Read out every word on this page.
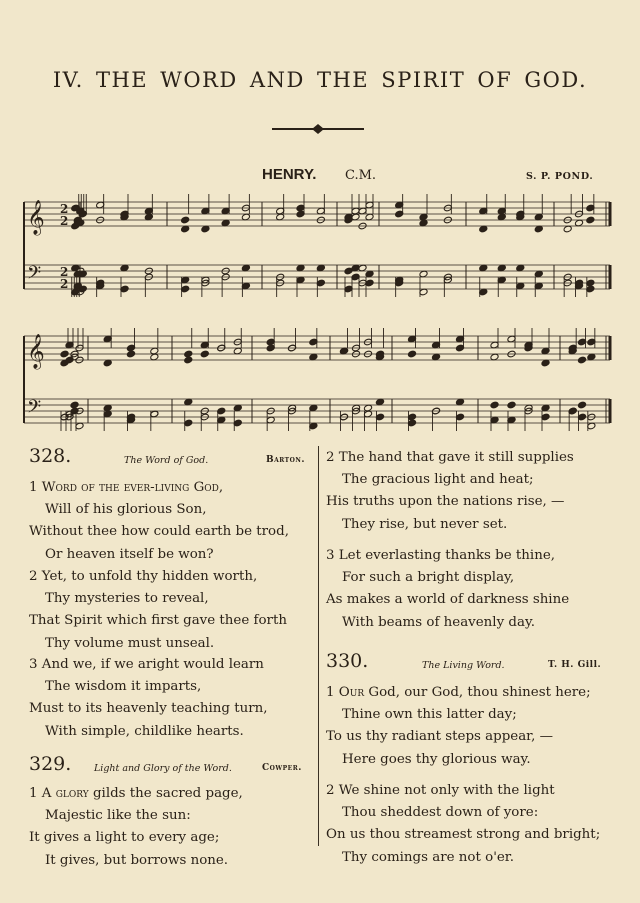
IV. THE WORD AND THE SPIRIT OF GOD.
HENRY. C.M.	S. P. POND.
𝄞 2
2
𝄢 2
2
𝄞
𝄢
328.	The Word of God.	Barton.
1 Word of the ever-living God,
Will of his glorious Son,
Without thee how could earth be trod,
Or heaven itself be won?
2 Yet, to unfold thy hidden worth,
Thy mysteries to reveal,
That Spirit which first gave thee forth
Thy volume must unseal.
3 And we, if we aright would learn
The wisdom it imparts,
Must to its heavenly teaching turn,
With simple, childlike hearts.
2 The hand that gave it still supplies
The gracious light and heat;
His truths upon the nations rise, —
They rise, but never set.
3 Let everlasting thanks be thine,
For such a bright display,
As makes a world of darkness shine
With beams of heavenly day.
329. Light and Glory of the Word.	Cowper.
1 A glory gilds the sacred page,
Majestic like the sun:
It gives a light to every age;
It gives, but borrows none.
330.	The Living Word.	T. H. Gill.
1 Our God, our God, thou shinest here;
Thine own this latter day;
To us thy radiant steps appear, —
Here goes thy glorious way.
2 We shine not only with the light
Thou sheddest down of yore:
On us thou streamest strong and bright;
Thy comings are not o'er.
